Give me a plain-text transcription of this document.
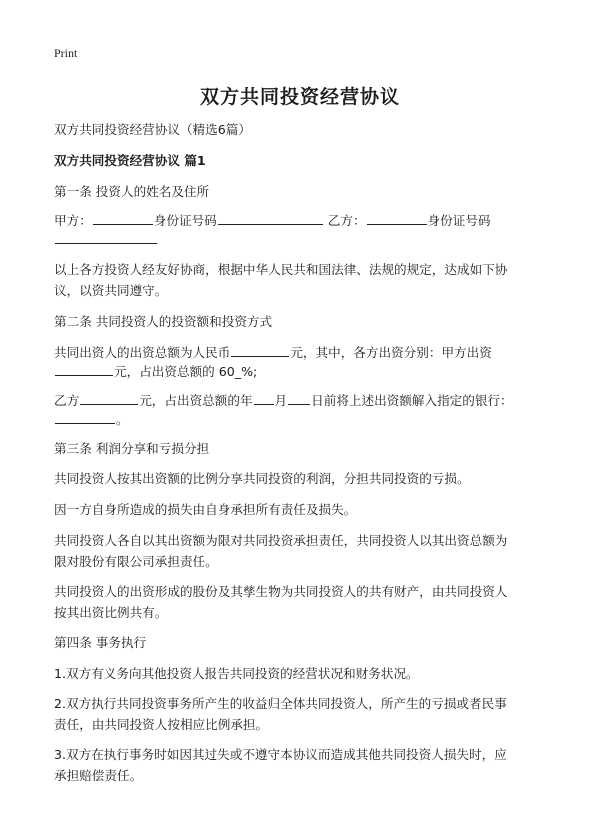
Print
双方共同投资经营协议
双方共同投资经营协议（精选6篇）
双方共同投资经营协议 篇1
第一条 投资人的姓名及住所
甲方：	身份证号码	乙方：	身份证号码
以上各方投资人经友好协商，根据中华人民共和国法律、法规的规定，达成如下协
议，以资共同遵守。
第二条 共同投资人的投资额和投资方式
共同出资人的出资总额为人民币	元，其中，各方出资分别：甲方出资
元，占出资总额的 60_%;
乙方	元，占出资总额的年 月 日前将上述出资额解入指定的银行：
。
第三条 利润分享和亏损分担
共同投资人按其出资额的比例分享共同投资的利润，分担共同投资的亏损。
因一方自身所造成的损失由自身承担所有责任及损失。
共同投资人各自以其出资额为限对共同投资承担责任，共同投资人以其出资总额为
限对股份有限公司承担责任。
共同投资人的出资形成的股份及其孳生物为共同投资人的共有财产，由共同投资人
按其出资比例共有。
第四条 事务执行
1.双方有义务向其他投资人报告共同投资的经营状况和财务状况。
2.双方执行共同投资事务所产生的收益归全体共同投资人，所产生的亏损或者民事
责任，由共同投资人按相应比例承担。
3.双方在执行事务时如因其过失或不遵守本协议而造成其他共同投资人损失时，应
承担赔偿责任。
